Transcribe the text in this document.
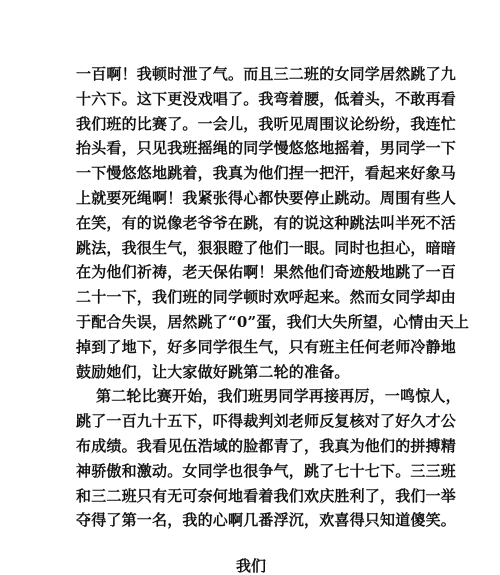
一百啊！我顿时泄了气。而且三二班的女同学居然跳了九
十六下。这下更没戏唱了。我弯着腰，低着头，不敢再看
我们班的比赛了。一会儿，我听见周围议论纷纷，我连忙
抬头看，只见我班摇绳的同学慢悠悠地摇着，男同学一下
一下慢悠悠地跳着，我真为他们捏一把汗，看起来好象马
上就要死绳啊！我紧张得心都快要停止跳动。周围有些人
在笑，有的说像老爷爷在跳，有的说这种跳法叫半死不活
跳法，我很生气，狠狠瞪了他们一眼。同时也担心，暗暗
在为他们祈祷，老天保佑啊！果然他们奇迹般地跳了一百
二十一下，我们班的同学顿时欢呼起来。然而女同学却由
于配合失误，居然跳了“0”蛋，我们大失所望，心情由天上
掉到了地下，好多同学很生气，只有班主任何老师冷静地
鼓励她们，让大家做好跳第二轮的准备。
第二轮比赛开始，我们班男同学再接再厉，一鸣惊人，
跳了一百九十五下，吓得裁判刘老师反复核对了好久才公
布成绩。我看见伍浩域的脸都青了，我真为他们的拼搏精
神骄傲和激动。女同学也很争气，跳了七十七下。三三班
和三二班只有无可奈何地看着我们欢庆胜利了，我们一举
夺得了第一名，我的心啊几番浮沉，欢喜得只知道傻笑。
我们
